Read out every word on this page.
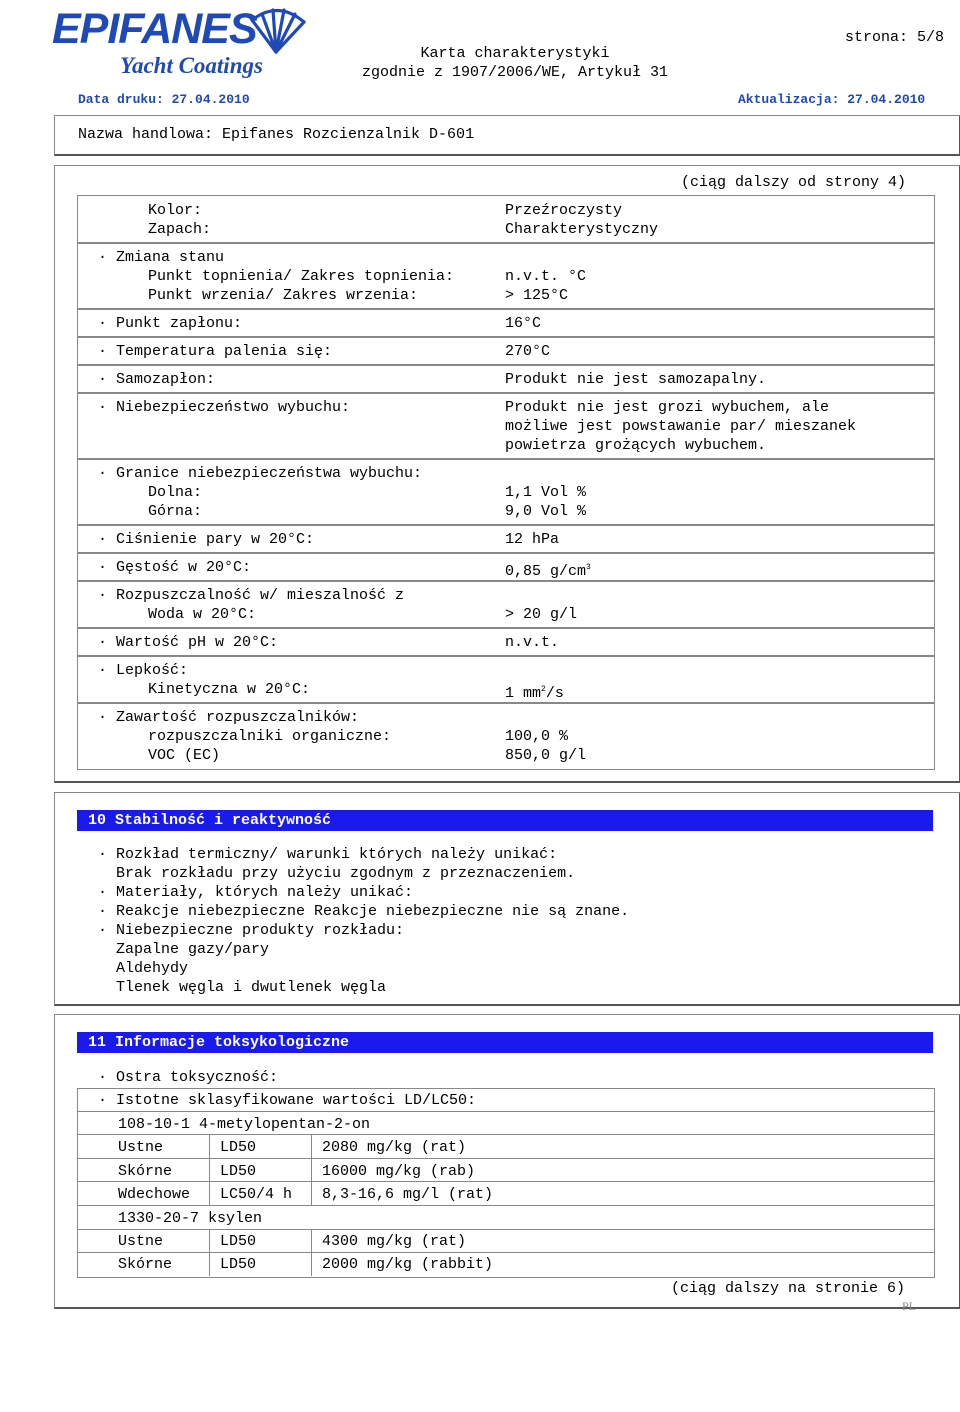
EPIFANES
Yacht Coatings
strona: 5/8
Karta charakterystyki
zgodnie z 1907/2006/WE, Artykuł 31
Data druku: 27.04.2010	Aktualizacja: 27.04.2010
Nazwa handlowa: Epifanes Rozcienzalnik D-601
(ciąg dalszy od strony 4)
Kolor:	Przeźroczysty
Zapach:	Charakterystyczny
· Zmiana stanu
Punkt topnienia/ Zakres topnienia:	n.v.t. °C
Punkt wrzenia/ Zakres wrzenia:	> 125°C
· Punkt zapłonu:	16°C
· Temperatura palenia się:	270°C
· Samozapłon:	Produkt nie jest samozapalny.
· Niebezpieczeństwo wybuchu:	Produkt nie jest grozi wybuchem, ale
możliwe jest powstawanie par/ mieszanek
powietrza grożących wybuchem.
· Granice niebezpieczeństwa wybuchu:
Dolna:	1,1 Vol %
Górna:	9,0 Vol %
· Ciśnienie pary w 20°C:	12 hPa
· Gęstość w 20°C:	0,85 $g/cm^3$
· Rozpuszczalność w/ mieszalność z
Woda w 20°C:	> 20 g/l
· Wartość pH w 20°C:	n.v.t.
· Lepkość:
Kinetyczna w 20°C:	1 $mm^2/s$
· Zawartość rozpuszczalników:
rozpuszczalniki organiczne:	100,0 %
VOC (EC)	850,0 g/l
10 Stabilność i reaktywność
· Rozkład termiczny/ warunki których należy unikać:
Brak rozkładu przy użyciu zgodnym z przeznaczeniem.
· Materiały, których należy unikać:
· Reakcje niebezpieczne Reakcje niebezpieczne nie są znane.
· Niebezpieczne produkty rozkładu:
Zapalne gazy/pary
Aldehydy
Tlenek węgla i dwutlenek węgla
11 Informacje toksykologiczne
· Ostra toksyczność:
· Istotne sklasyfikowane wartości LD/LC50:
108-10-1 4-metylopentan-2-on
Ustne	LD50	2080 mg/kg (rat)
Skórne	LD50	16000 mg/kg (rab)
Wdechowe LC50/4 h 8,3-16,6 mg/l (rat)
1330-20-7 ksylen
Ustne	LD50	4300 mg/kg (rat)
Skórne	LD50	2000 mg/kg (rabbit)
(ciąg dalszy na stronie 6)
PL
